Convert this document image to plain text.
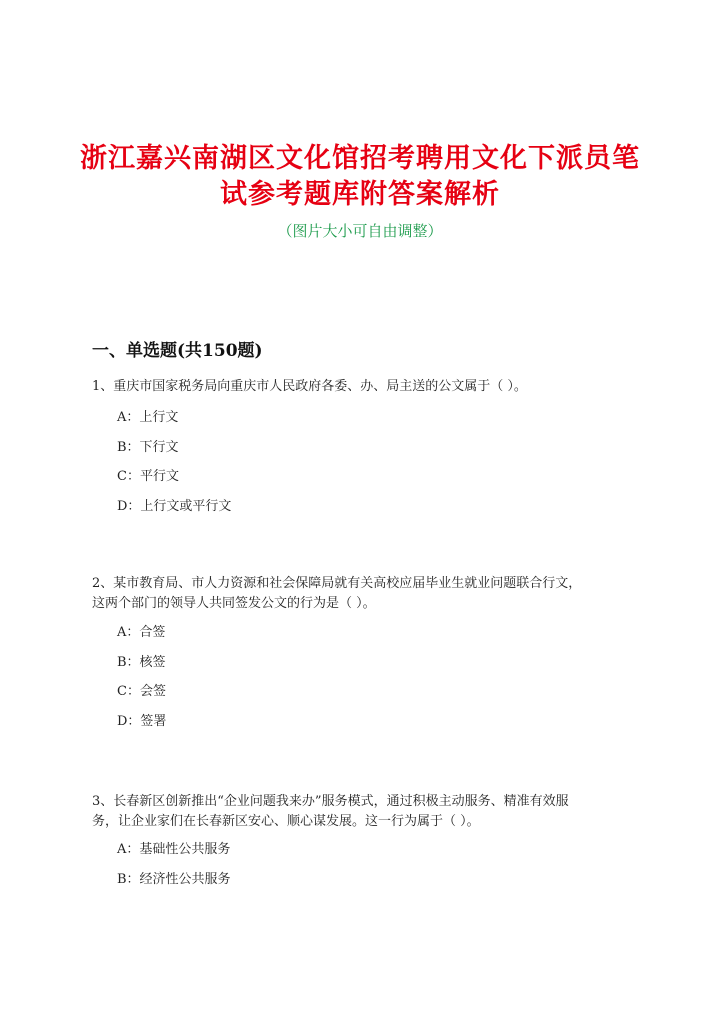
浙江嘉兴南湖区文化馆招考聘用文化下派员笔
试参考题库附答案解析
（图片大小可自由调整）
一、单选题(共150题)
1、重庆市国家税务局向重庆市人民政府各委、办、局主送的公文属于（ ）。
A：上行文
B：下行文
C：平行文
D：上行文或平行文
2、某市教育局、市人力资源和社会保障局就有关高校应届毕业生就业问题联合行文，
这两个部门的领导人共同签发公文的行为是（ ）。
A：合签
B：核签
C：会签
D：签署
3、长春新区创新推出“企业问题我来办”服务模式，通过积极主动服务、精准有效服
务，让企业家们在长春新区安心、顺心谋发展。这一行为属于（ ）。
A：基础性公共服务
B：经济性公共服务
